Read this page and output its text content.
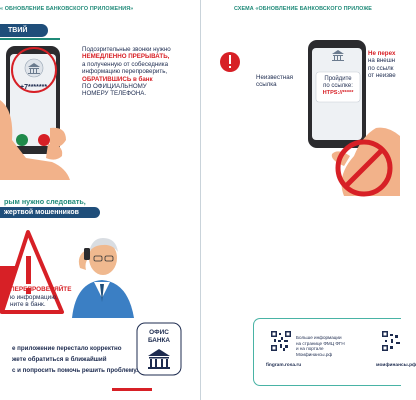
« ОБНОВЛЕНИЕ БАНКОВСКОГО ПРИЛОЖЕНИЯ»	СХЕМА «ОБНОВЛЕНИЕ БАНКОВСКОГО ПРИЛОЖЕ
ТВИЙ
+7*******
Подозрительные звонки нужно
НЕМЕДЛЕННО ПРЕРЫВАТЬ,
а полученную от собеседника
информацию перепроверить,
ОБРАТИВШИСЬ в банк
ПО ОФИЦИАЛЬНОМУ
НОМЕРУ ТЕЛЕФОНА.
Неизвестная ссылка
Пройдите
по ссылке:
HTPS://*****
Не перех
на внешн
по ссылк
от неизве
рым нужно следовать,
жертвой мошенников
ПЕРЕПРОВЕРЯЙТЕ
ю информацию,
ните в банк.
ОФИС
БАНКА
е приложение перестало корректно
жете обратиться в ближайший
с и попросить помочь решить проблему.
Больше информации
на странице ФМЦ ФГН
и на портале
Моифинансы.рф
fingram.rosa.ru	моифинансы.рф
